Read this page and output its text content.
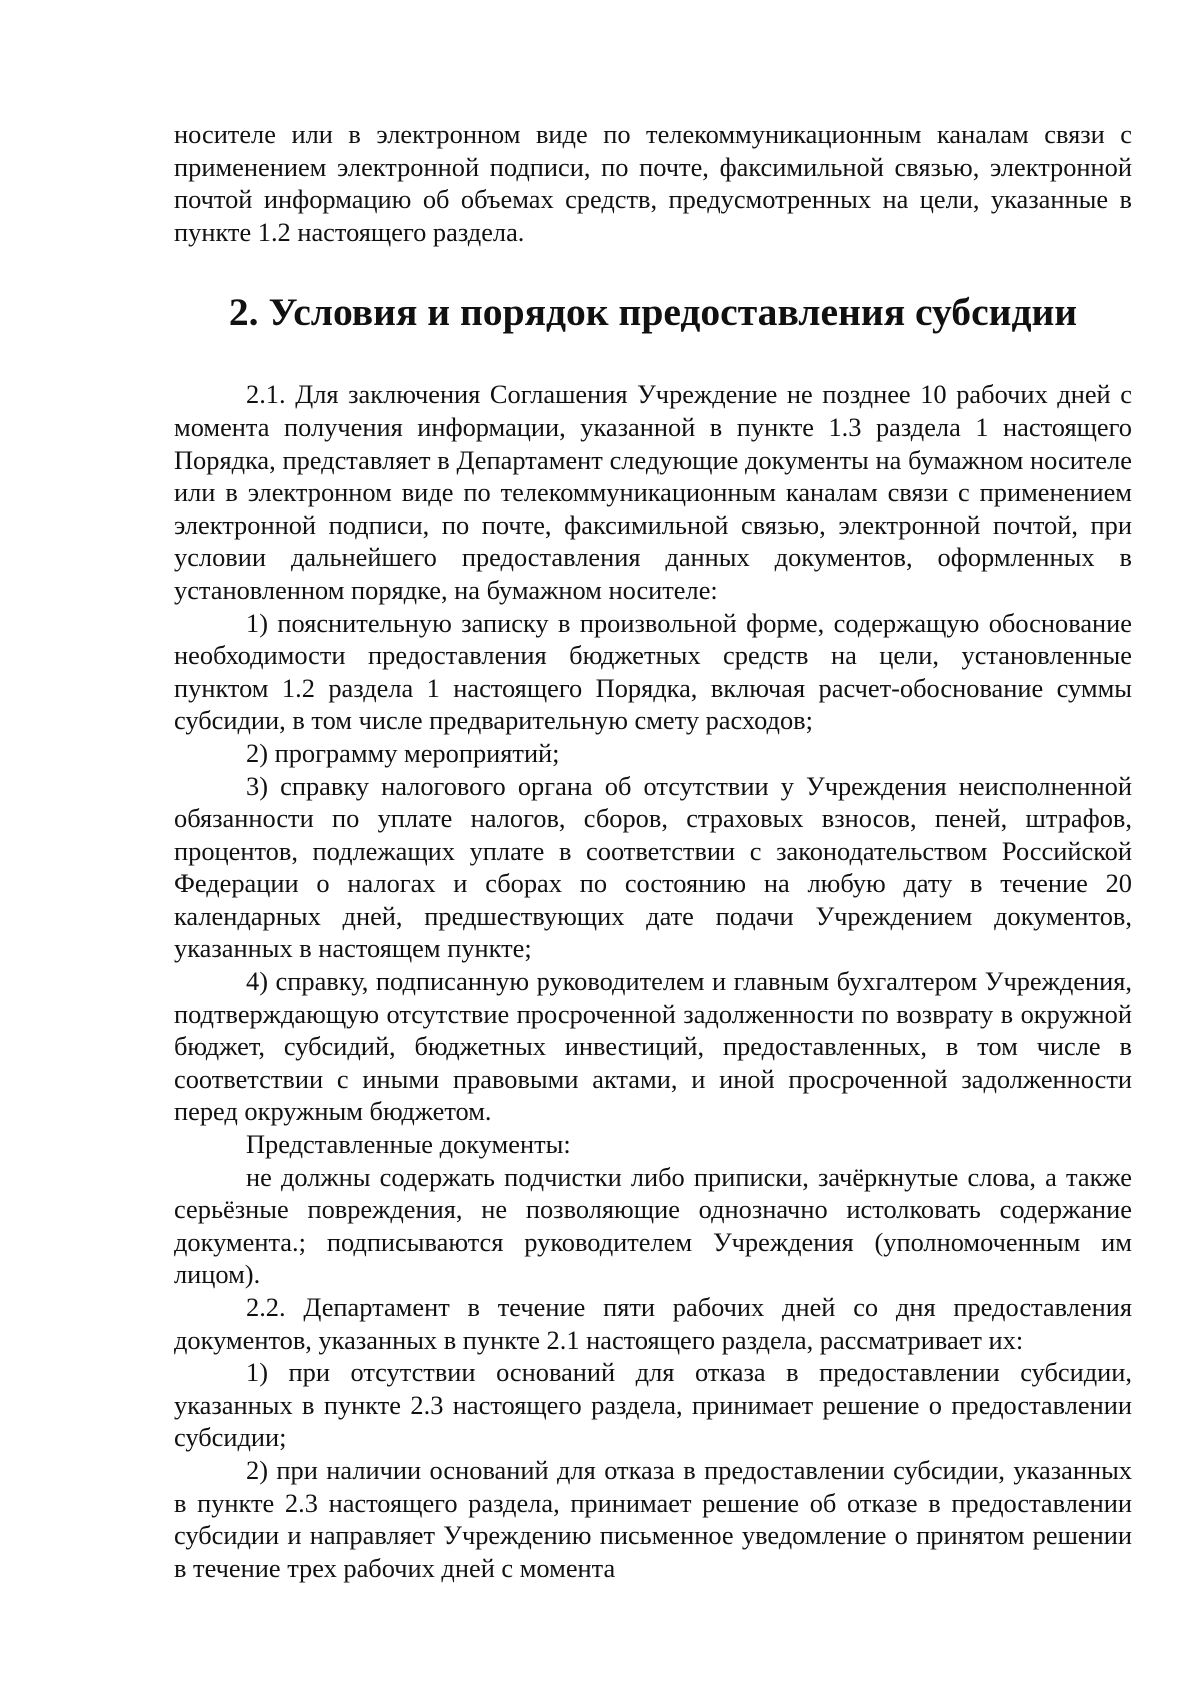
носителе или в электронном виде по телекоммуникационным каналам связи с применением электронной подписи, по почте, факсимильной связью, электронной почтой информацию об объемах средств, предусмотренных на цели, указанные в пункте 1.2 настоящего раздела.

2. Условия и порядок предоставления субсидии

2.1. Для заключения Соглашения Учреждение не позднее 10 рабочих дней с момента получения информации, указанной в пункте 1.3 раздела 1 настоящего Порядка, представляет в Департамент следующие документы на бумажном носителе или в электронном виде по телекоммуникационным каналам связи с применением электронной подписи, по почте, факсимильной связью, электронной почтой, при условии дальнейшего предоставления данных документов, оформленных в установленном порядке, на бумажном носителе:

1) пояснительную записку в произвольной форме, содержащую обоснование необходимости предоставления бюджетных средств на цели, установленные пунктом 1.2 раздела 1 настоящего Порядка, включая расчет-обоснование суммы субсидии, в том числе предварительную смету расходов;

2) программу мероприятий;

3) справку налогового органа об отсутствии у Учреждения неисполненной обязанности по уплате налогов, сборов, страховых взносов, пеней, штрафов, процентов, подлежащих уплате в соответствии с законодательством Российской Федерации о налогах и сборах по состоянию на любую дату в течение 20 календарных дней, предшествующих дате подачи Учреждением документов, указанных в настоящем пункте;

4) справку, подписанную руководителем и главным бухгалтером Учреждения, подтверждающую отсутствие просроченной задолженности по возврату в окружной бюджет, субсидий, бюджетных инвестиций, предоставленных, в том числе в соответствии с иными правовыми актами, и иной просроченной задолженности перед окружным бюджетом.

Представленные документы:

не должны содержать подчистки либо приписки, зачёркнутые слова, а также серьёзные повреждения, не позволяющие однозначно истолковать содержание документа.; подписываются руководителем Учреждения (уполномоченным им лицом).

2.2. Департамент в течение пяти рабочих дней со дня предоставления документов, указанных в пункте 2.1 настоящего раздела, рассматривает их:

1) при отсутствии оснований для отказа в предоставлении субсидии, указанных в пункте 2.3 настоящего раздела, принимает решение о предоставлении субсидии;

2) при наличии оснований для отказа в предоставлении субсидии, указанных в пункте 2.3 настоящего раздела, принимает решение об отказе в предоставлении субсидии и направляет Учреждению письменное уведомление о принятом решении в течение трех рабочих дней с момента
